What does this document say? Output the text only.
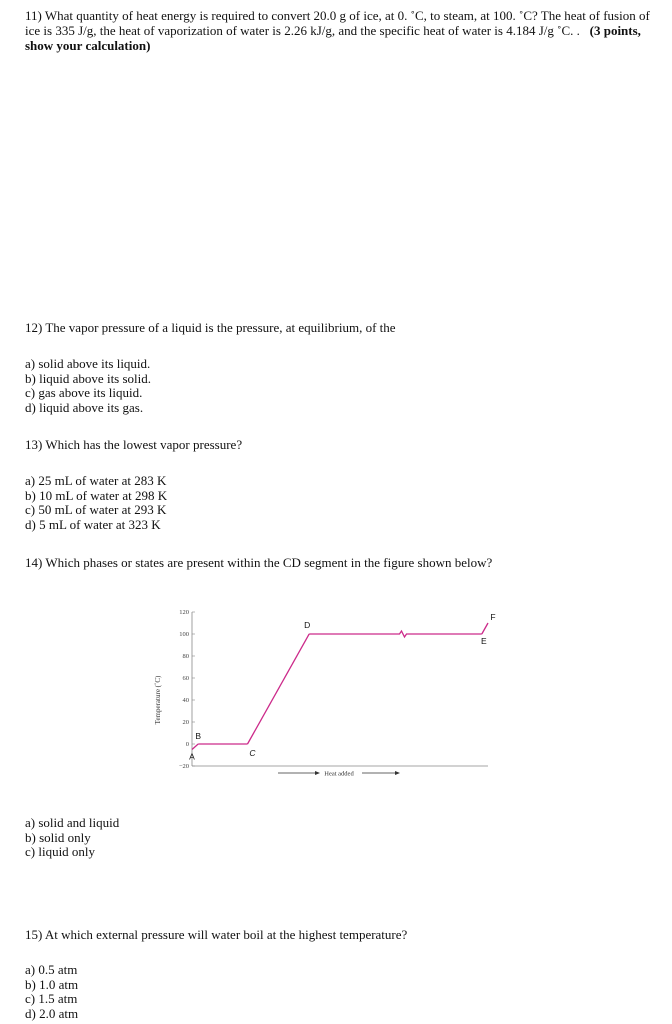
11) What quantity of heat energy is required to convert 20.0 g of ice, at 0. ˚C, to steam, at 100. ˚C? The heat of fusion of ice is 335 J/g, the heat of vaporization of water is 2.26 kJ/g, and the specific heat of water is 4.184 J/g ˚C. . (3 points, show your calculation)
12) The vapor pressure of a liquid is the pressure, at equilibrium, of the
a) solid above its liquid.
b) liquid above its solid.
c) gas above its liquid.
d) liquid above its gas.
13) Which has the lowest vapor pressure?
a) 25 mL of water at 283 K
b) 10 mL of water at 298 K
c) 50 mL of water at 293 K
d) 5 mL of water at 323 K
14) Which phases or states are present within the CD segment in the figure shown below?
−20
0
20
40
60
80
100
120
A
B
C
D
E
F
Temperature (˚C)
Heat added
a) solid and liquid
b) solid only
c) liquid only
15) At which external pressure will water boil at the highest temperature?
a) 0.5 atm
b) 1.0 atm
c) 1.5 atm
d) 2.0 atm
